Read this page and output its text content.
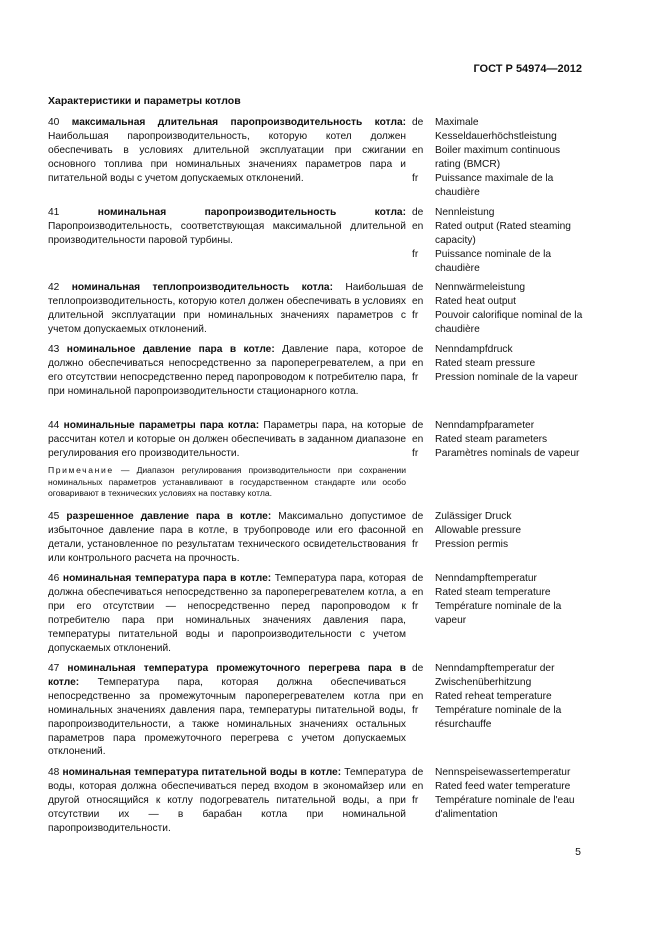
ГОСТ Р 54974—2012
Характеристики и параметры котлов
40 максимальная длительная паропроизводительность котла: Наибольшая паропроизводительность, которую котел должен обеспечивать в условиях длительной эксплуатации при сжигании основного топлива при номинальных значениях параметров пара и питательной воды с учетом допускаемых отклонений.
de
en
fr
Maximale Kesseldauerhöchstleistung
Boiler maximum continuous rating (BMCR)
Puissance maximale de la chaudière
41	номинальная паропроизводительность котла: Паропроизводительность, соответствующая максимальной длительной производительности паровой турбины.
de
en
fr
Nennleistung
Rated output (Rated steaming capacity)
Puissance nominale de la chaudière
42 номинальная теплопроизводительность котла: Наибольшая теплопроизводительность, которую котел должен обеспечивать в условиях длительной эксплуатации при номинальных значениях параметров с учетом допускаемых отклонений.
de
en
fr
Nennwärmeleistung
Rated heat output
Pouvoir calorifique nominal de la chaudière
43 номинальное давление пара в котле: Давление пара, которое должно обеспечиваться непосредственно за пароперегревателем, а при его отсутствии непосредственно перед паропроводом к потребителю пара, при номинальной паропроизводительности стационарного котла.
de
en
fr
Nenndampfdruck
Rated steam pressure
Pression nominale de la vapeur
44 номинальные параметры пара котла: Параметры пара, на которые рассчитан котел и которые он должен обеспечивать в заданном диапазоне регулирования его производительности.
Примечание — Диапазон регулирования производительности при сохранении номинальных параметров устанавливают в государственном стандарте или особо оговаривают в технических условиях на поставку котла.
de
en
fr
Nenndampfparameter
Rated steam parameters
Paramètres nominals de vapeur
45 разрешенное давление пара в котле: Максимально допустимое избыточное давление пара в котле, в трубопроводе или его фасонной детали, установленное по результатам технического освидетельствования или контрольного расчета на прочность.
de
en
fr
Zulässiger Druck
Allowable pressure
Pression permis
46 номинальная температура пара в котле: Температура пара, которая должна обеспечиваться непосредственно за пароперегревателем котла, а при его отсутствии — непосредственно перед паропроводом к потребителю пара при номинальных значениях давления пара, температуры питательной воды и паропроизводительности с учетом допускаемых отклонений.
de
en
fr
Nenndampftemperatur
Rated steam temperature
Température nominale de la vapeur
47 номинальная температура промежуточного перегрева пара в котле: Температура пара, которая должна обеспечиваться непосредственно за промежуточным пароперегревателем котла при номинальных значениях давления пара, температуры питательной воды, паропроизводительности, а также номинальных значениях остальных параметров пара промежуточного перегрева с учетом допускаемых отклонений.
de
en
fr
Nenndampftemperatur der Zwischenüberhitzung
Rated reheat temperature
Température nominale de la résurchauffe
48 номинальная температура питательной воды в котле: Температура воды, которая должна обеспечиваться перед входом в экономайзер или другой относящийся к котлу подогреватель питательной воды, а при отсутствии их — в барабан котла при номинальной паропроизводительности.
de
en
fr
Nennspeisewassertemperatur
Rated feed water temperature
Température nominale de l'eau d'alimentation
5
